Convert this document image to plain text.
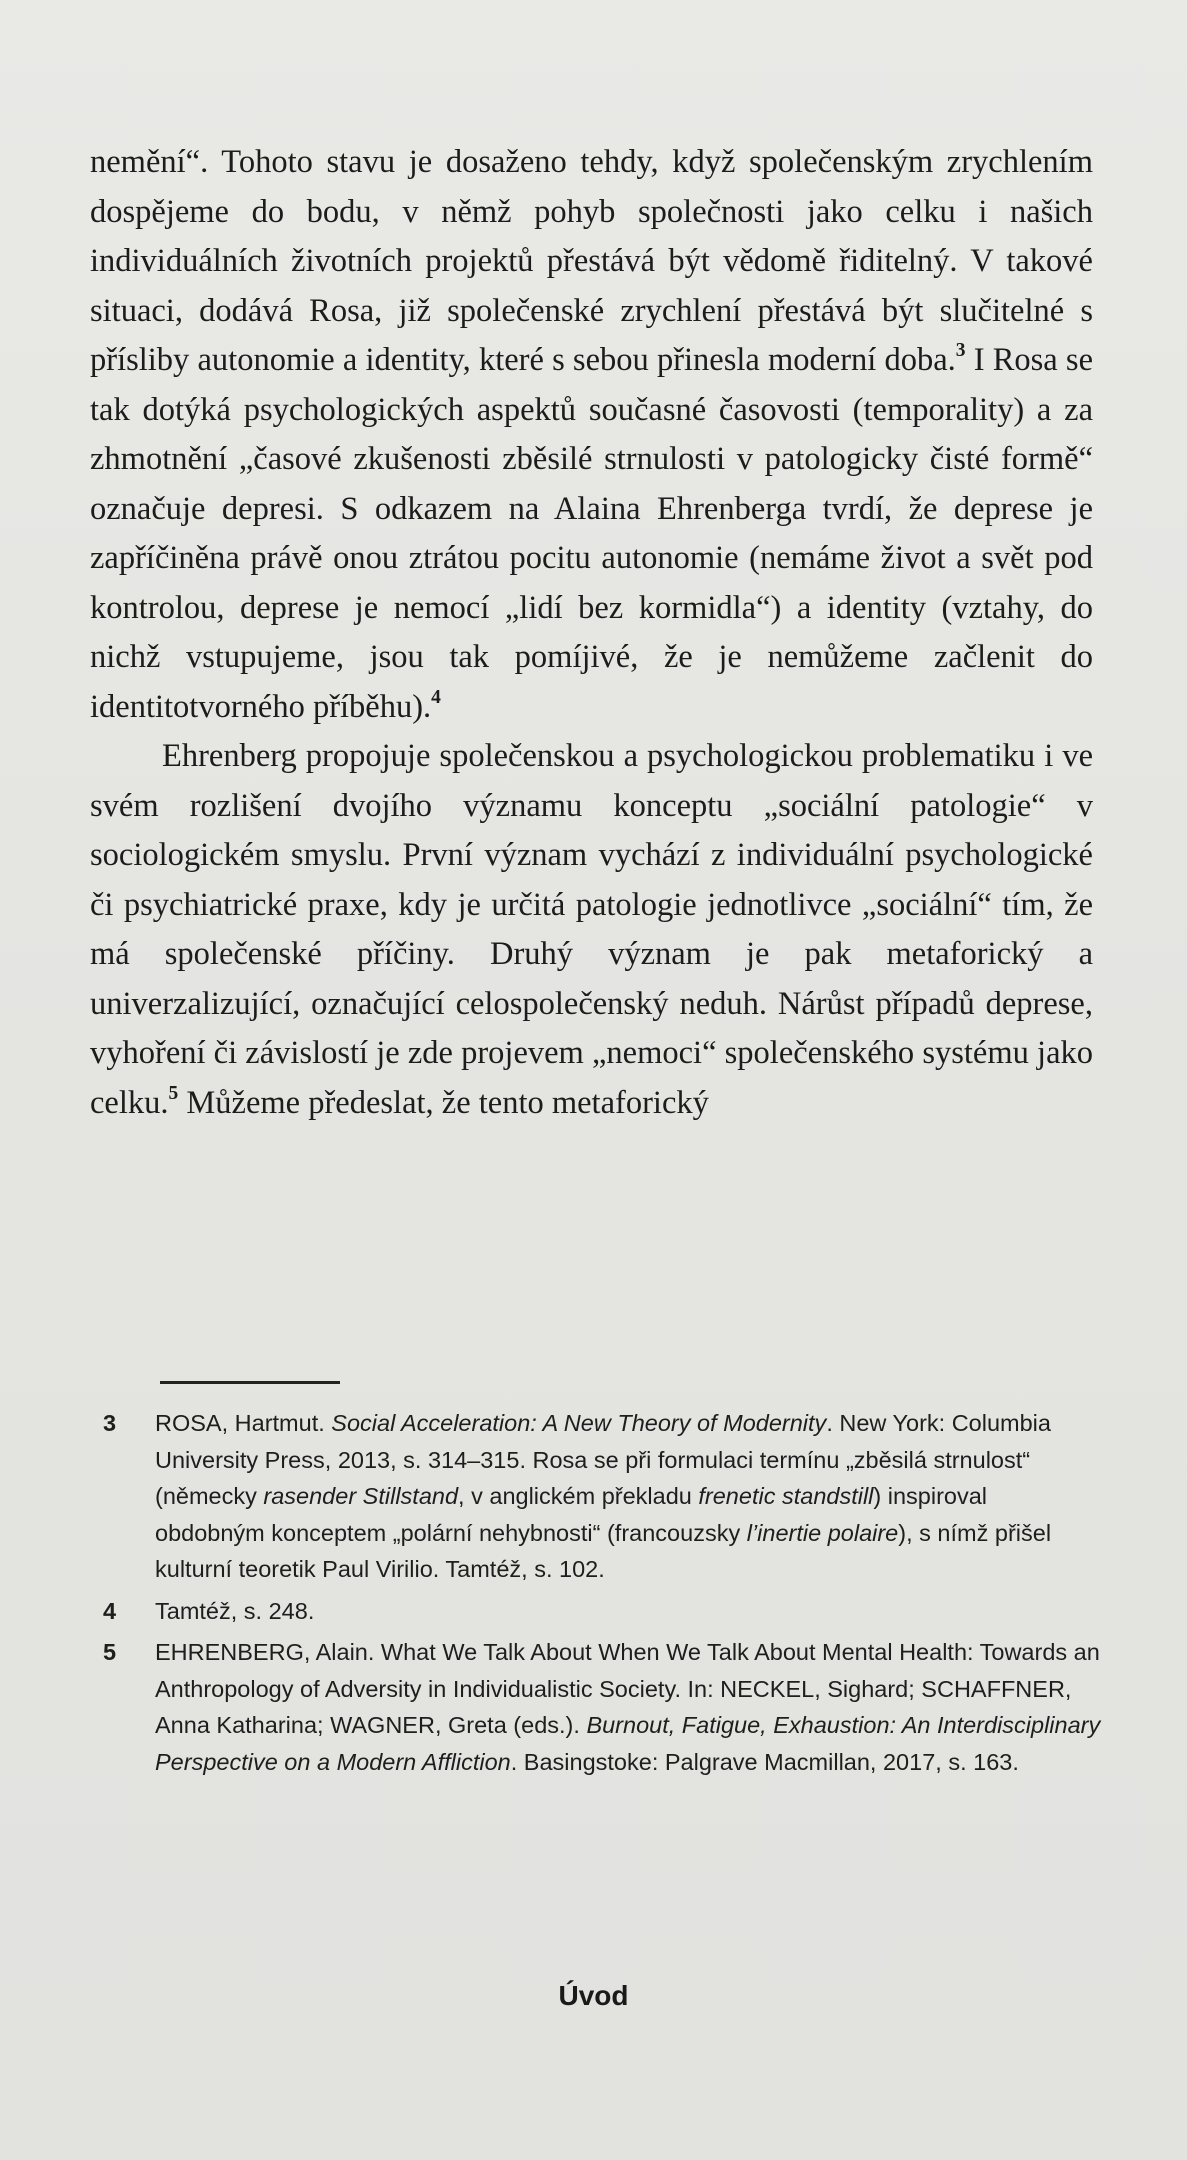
nemění“. Tohoto stavu je dosaženo tehdy, když společenským zrychlením dospějeme do bodu, v němž pohyb společnosti jako celku i našich individuálních životních projektů přestává být vědomě řiditelný. V takové situaci, dodává Rosa, již společenské zrychlení přestává být slučitelné s přísliby autonomie a identity, které s sebou přinesla moderní doba.$^3$ I Rosa se tak dotýká psychologických aspektů současné časovosti (temporality) a za zhmotnění „časové zkušenosti zběsilé strnulosti v patologicky čisté formě“ označuje depresi. S odkazem na Alaina Ehrenberga tvrdí, že deprese je zapříčiněna právě onou ztrátou pocitu autonomie (nemáme život a svět pod kontrolou, deprese je nemocí „lidí bez kormidla“) a identity (vztahy, do nichž vstupujeme, jsou tak pomíjivé, že je nemůžeme začlenit do identitotvorného příběhu).$^4$

Ehrenberg propojuje společenskou a psychologickou problematiku i ve svém rozlišení dvojího významu konceptu „sociální patologie“ v sociologickém smyslu. První význam vychází z individuální psychologické či psychiatrické praxe, kdy je určitá patologie jednotlivce „sociální“ tím, že má společenské příčiny. Druhý význam je pak metaforický a univerzalizující, označující celospolečenský neduh. Nárůst případů deprese, vyhoření či závislostí je zde projevem „nemoci“ společenského systému jako celku.$^5$ Můžeme předeslat, že tento metaforický

3	ROSA, Hartmut. Social Acceleration: A New Theory of Modernity. New York: Columbia University Press, 2013, s. 314–315. Rosa se při formulaci termínu „zběsilá strnulost“ (německy rasender Stillstand, v anglickém překladu frenetic standstill) inspiroval obdobným konceptem „polární nehybnosti“ (francouzsky l’inertie polaire), s nímž přišel kulturní teoretik Paul Virilio. Tamtéž, s. 102.
4	Tamtéž, s. 248.
5	EHRENBERG, Alain. What We Talk About When We Talk About Mental Health: Towards an Anthropology of Adversity in Individualistic Society. In: NECKEL, Sighard; SCHAFFNER, Anna Katharina; WAGNER, Greta (eds.). Burnout, Fatigue, Exhaustion: An Interdisciplinary Perspective on a Modern Affliction. Basingstoke: Palgrave Macmillan, 2017, s. 163.
Úvod
